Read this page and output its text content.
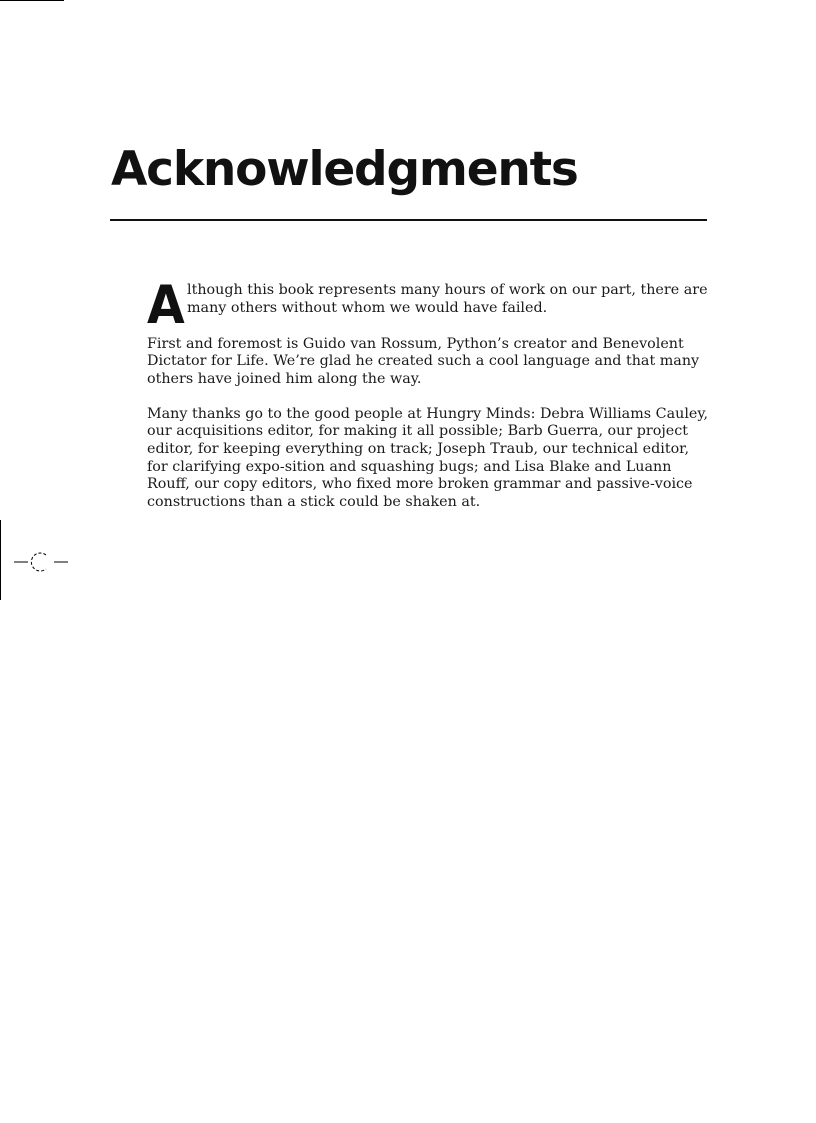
Acknowledgments

A lthough this book represents many hours of work on our part, there are many others without whom we would have failed.

First and foremost is Guido van Rossum, Python’s creator and Benevolent Dictator for Life. We’re glad he created such a cool language and that many others have joined him along the way.

Many thanks go to the good people at Hungry Minds: Debra Williams Cauley, our acquisitions editor, for making it all possible; Barb Guerra, our project editor, for keeping everything on track; Joseph Traub, our technical editor, for clarifying expo-sition and squashing bugs; and Lisa Blake and Luann Rouff, our copy editors, who fixed more broken grammar and passive-voice constructions than a stick could be shaken at.
